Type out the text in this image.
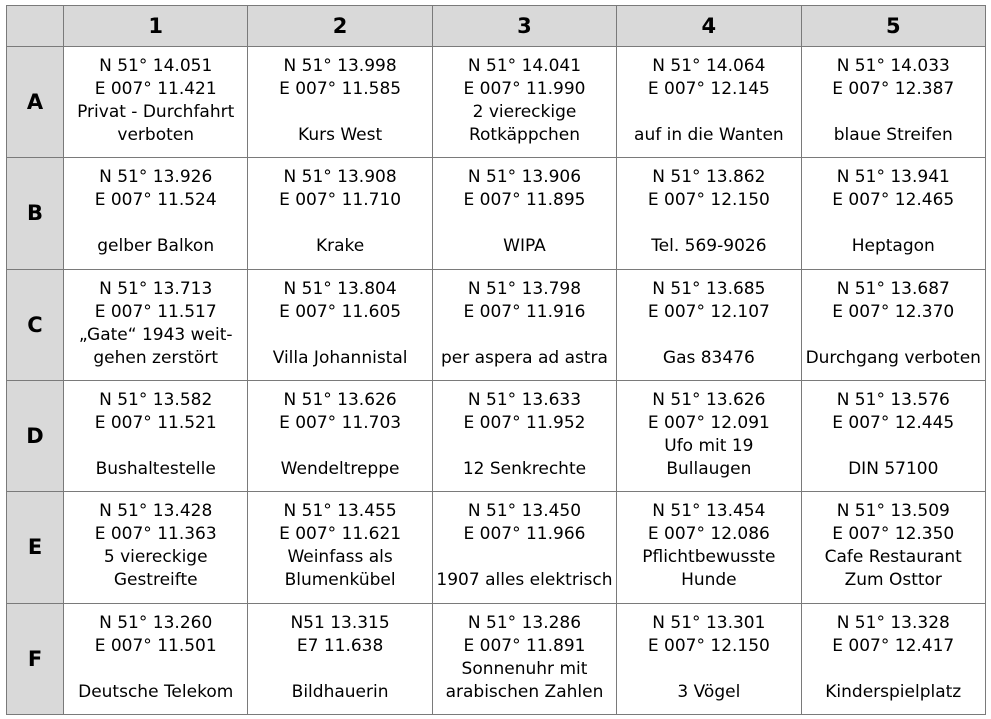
	1	2	3	4	5
A	N 51° 14.051
E 007° 11.421
Privat - Durchfahrt verboten	N 51° 13.998
E 007° 11.585
Kurs West	N 51° 14.041
E 007° 11.990
2 viereckige Rotkäppchen	N 51° 14.064
E 007° 12.145
auf in die Wanten	N 51° 14.033
E 007° 12.387
blaue Streifen

B	N 51° 13.926
E 007° 11.524
gelber Balkon	N 51° 13.908
E 007° 11.710
Krake	N 51° 13.906
E 007° 11.895
WIPA	N 51° 13.862
E 007° 12.150
Tel. 569-9026	N 51° 13.941
E 007° 12.465
Heptagon

C	N 51° 13.713
E 007° 11.517
„Gate“ 1943 weit-gehen zerstört	N 51° 13.804
E 007° 11.605
Villa Johannistal	N 51° 13.798
E 007° 11.916
per aspera ad astra	N 51° 13.685
E 007° 12.107
Gas 83476	N 51° 13.687
E 007° 12.370
Durchgang verboten

D	N 51° 13.582
E 007° 11.521
Bushaltestelle	N 51° 13.626
E 007° 11.703
Wendeltreppe	N 51° 13.633
E 007° 11.952
12 Senkrechte	N 51° 13.626
E 007° 12.091
Ufo mit 19 Bullaugen	N 51° 13.576
E 007° 12.445
DIN 57100

E	N 51° 13.428
E 007° 11.363
5 viereckige Gestreifte	N 51° 13.455
E 007° 11.621
Weinfass als Blumenkübel	N 51° 13.450
E 007° 11.966
1907 alles elektrisch	N 51° 13.454
E 007° 12.086
Pflichtbewusste Hunde	N 51° 13.509
E 007° 12.350
Cafe Restaurant Zum Osttor

F	N 51° 13.260
E 007° 11.501
Deutsche Telekom	N51 13.315
E7 11.638
Bildhauerin	N 51° 13.286
E 007° 11.891
Sonnenuhr mit arabischen Zahlen	N 51° 13.301
E 007° 12.150
3 Vögel	N 51° 13.328
E 007° 12.417
Kinderspielplatz
